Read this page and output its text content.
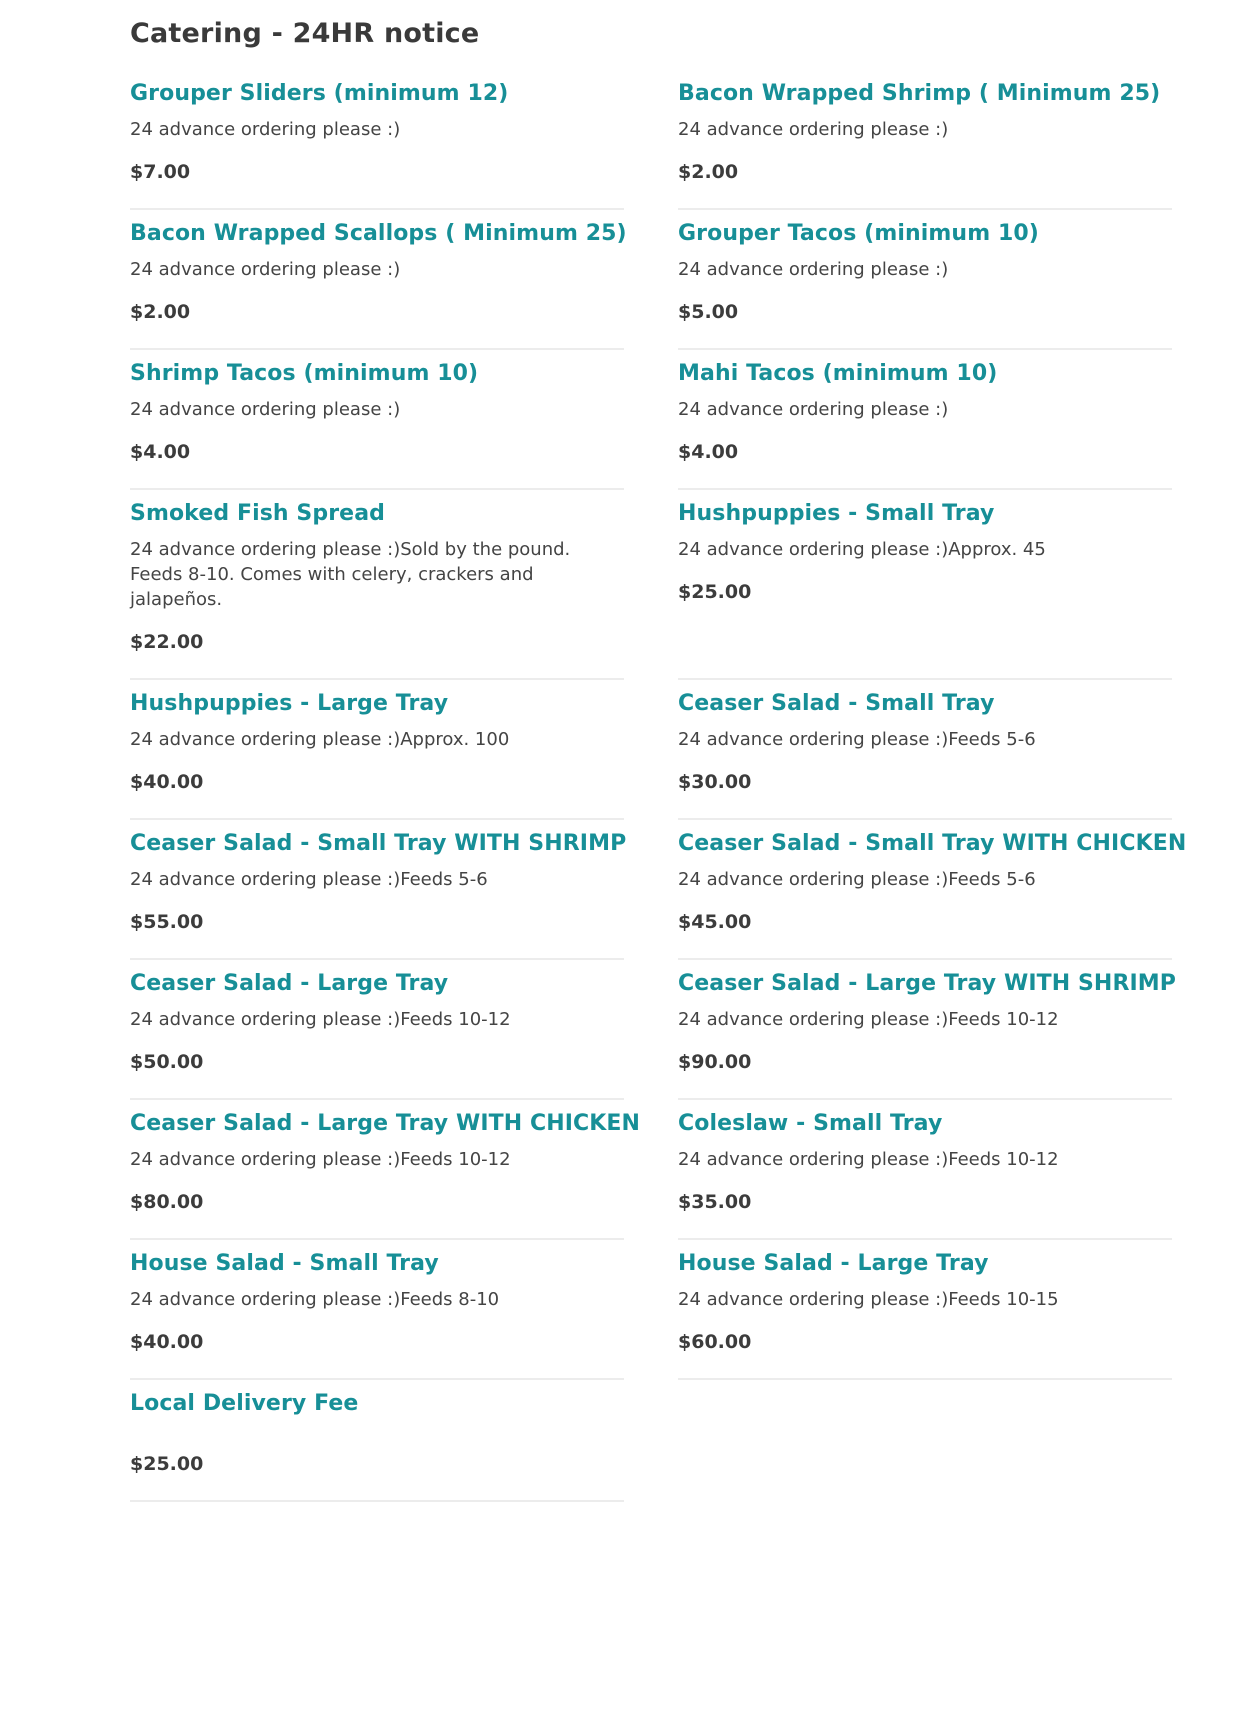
Catering - 24HR notice
Grouper Sliders (minimum 12)
24 advance ordering please :)
$7.00
Bacon Wrapped Shrimp ( Minimum 25)
24 advance ordering please :)
$2.00
Bacon Wrapped Scallops ( Minimum 25)
24 advance ordering please :)
$2.00
Grouper Tacos (minimum 10)
24 advance ordering please :)
$5.00
Shrimp Tacos (minimum 10)
24 advance ordering please :)
$4.00
Mahi Tacos (minimum 10)
24 advance ordering please :)
$4.00
Smoked Fish Spread
24 advance ordering please :)Sold by the pound. Feeds 8-10. Comes with celery, crackers and jalapeños.
$22.00
Hushpuppies - Small Tray
24 advance ordering please :)Approx. 45
$25.00
Hushpuppies - Large Tray
24 advance ordering please :)Approx. 100
$40.00
Ceaser Salad - Small Tray
24 advance ordering please :)Feeds 5-6
$30.00
Ceaser Salad - Small Tray WITH SHRIMP
24 advance ordering please :)Feeds 5-6
$55.00
Ceaser Salad - Small Tray WITH CHICKEN
24 advance ordering please :)Feeds 5-6
$45.00
Ceaser Salad - Large Tray
24 advance ordering please :)Feeds 10-12
$50.00
Ceaser Salad - Large Tray WITH SHRIMP
24 advance ordering please :)Feeds 10-12
$90.00
Ceaser Salad - Large Tray WITH CHICKEN
24 advance ordering please :)Feeds 10-12
$80.00
Coleslaw - Small Tray
24 advance ordering please :)Feeds 10-12
$35.00
House Salad - Small Tray
24 advance ordering please :)Feeds 8-10
$40.00
House Salad - Large Tray
24 advance ordering please :)Feeds 10-15
$60.00
Local Delivery Fee
$25.00
